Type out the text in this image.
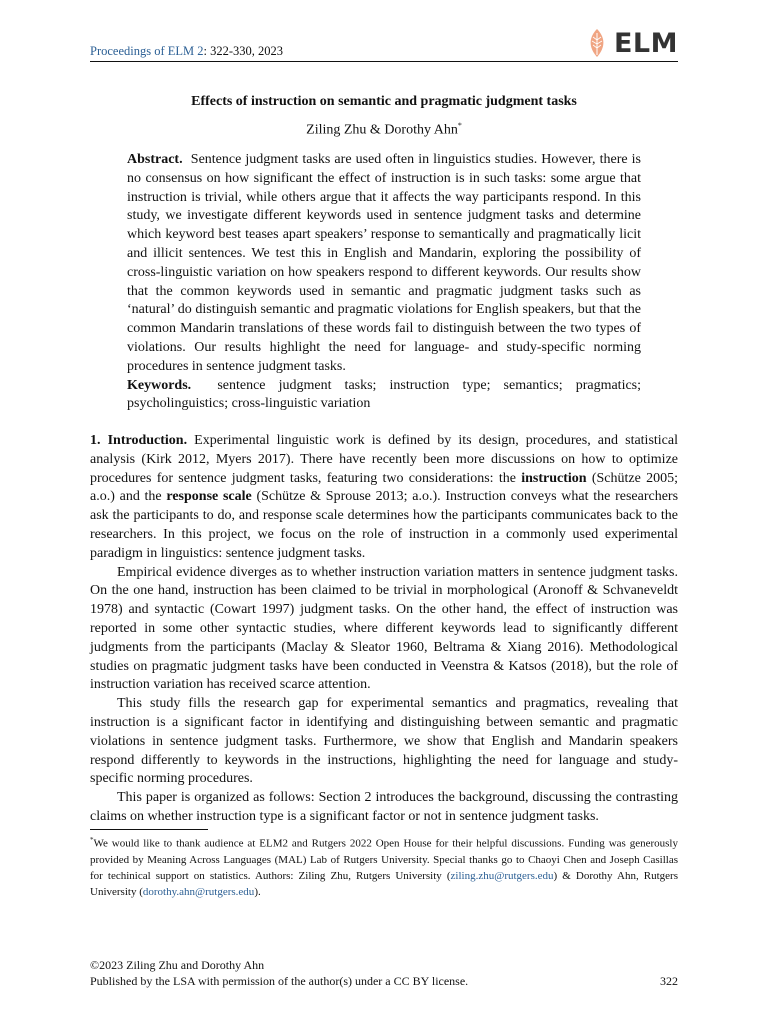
Proceedings of ELM 2: 322-330, 2023	ELM
Effects of instruction on semantic and pragmatic judgment tasks
Ziling Zhu & Dorothy Ahn*

Abstract. Sentence judgment tasks are used often in linguistics studies. However, there is no consensus on how significant the effect of instruction is in such tasks: some argue that instruction is trivial, while others argue that it affects the way participants respond. In this study, we investigate different keywords used in sentence judgment tasks and determine which keyword best teases apart speakers’ response to semantically and pragmatically licit and illicit sentences. We test this in English and Mandarin, exploring the possibility of cross-linguistic variation on how speakers respond to different keywords. Our results show that the common keywords used in semantic and pragmatic judgment tasks such as ‘natural’ do distinguish semantic and pragmatic violations for English speakers, but that the common Mandarin translations of these words fail to distinguish between the two types of violations. Our results highlight the need for language- and study-specific norming procedures in sentence judgment tasks.

Keywords. sentence judgment tasks; instruction type; semantics; pragmatics; psycholinguistics; cross-linguistic variation

1. Introduction. Experimental linguistic work is defined by its design, procedures, and statistical analysis (Kirk 2012, Myers 2017). There have recently been more discussions on how to optimize procedures for sentence judgment tasks, featuring two considerations: the instruction (Schütze 2005; a.o.) and the response scale (Schütze & Sprouse 2013; a.o.). Instruction conveys what the researchers ask the participants to do, and response scale determines how the participants communicates back to the researchers. In this project, we focus on the role of instruction in a commonly used experimental paradigm in linguistics: sentence judgment tasks.

Empirical evidence diverges as to whether instruction variation matters in sentence judgment tasks. On the one hand, instruction has been claimed to be trivial in morphological (Aronoff & Schvaneveldt 1978) and syntactic (Cowart 1997) judgment tasks. On the other hand, the effect of instruction was reported in some other syntactic studies, where different keywords lead to significantly different judgments from the participants (Maclay & Sleator 1960, Beltrama & Xiang 2016). Methodological studies on pragmatic judgment tasks have been conducted in Veenstra & Katsos (2018), but the role of instruction variation has received scarce attention.

This study fills the research gap for experimental semantics and pragmatics, revealing that instruction is a significant factor in identifying and distinguishing between semantic and pragmatic violations in sentence judgment tasks. Furthermore, we show that English and Mandarin speakers respond differently to keywords in the instructions, highlighting the need for language and study-specific norming procedures.

This paper is organized as follows: Section 2 introduces the background, discussing the contrasting claims on whether instruction type is a significant factor or not in sentence judgment tasks.

*We would like to thank audience at ELM2 and Rutgers 2022 Open House for their helpful discussions. Funding was generously provided by Meaning Across Languages (MAL) Lab of Rutgers University. Special thanks go to Chaoyi Chen and Joseph Casillas for techinical support on statistics. Authors: Ziling Zhu, Rutgers University (ziling.zhu@rutgers.edu) & Dorothy Ahn, Rutgers University (dorothy.ahn@rutgers.edu).
©2023 Ziling Zhu and Dorothy Ahn
Published by the LSA with permission of the author(s) under a CC BY license.	322
